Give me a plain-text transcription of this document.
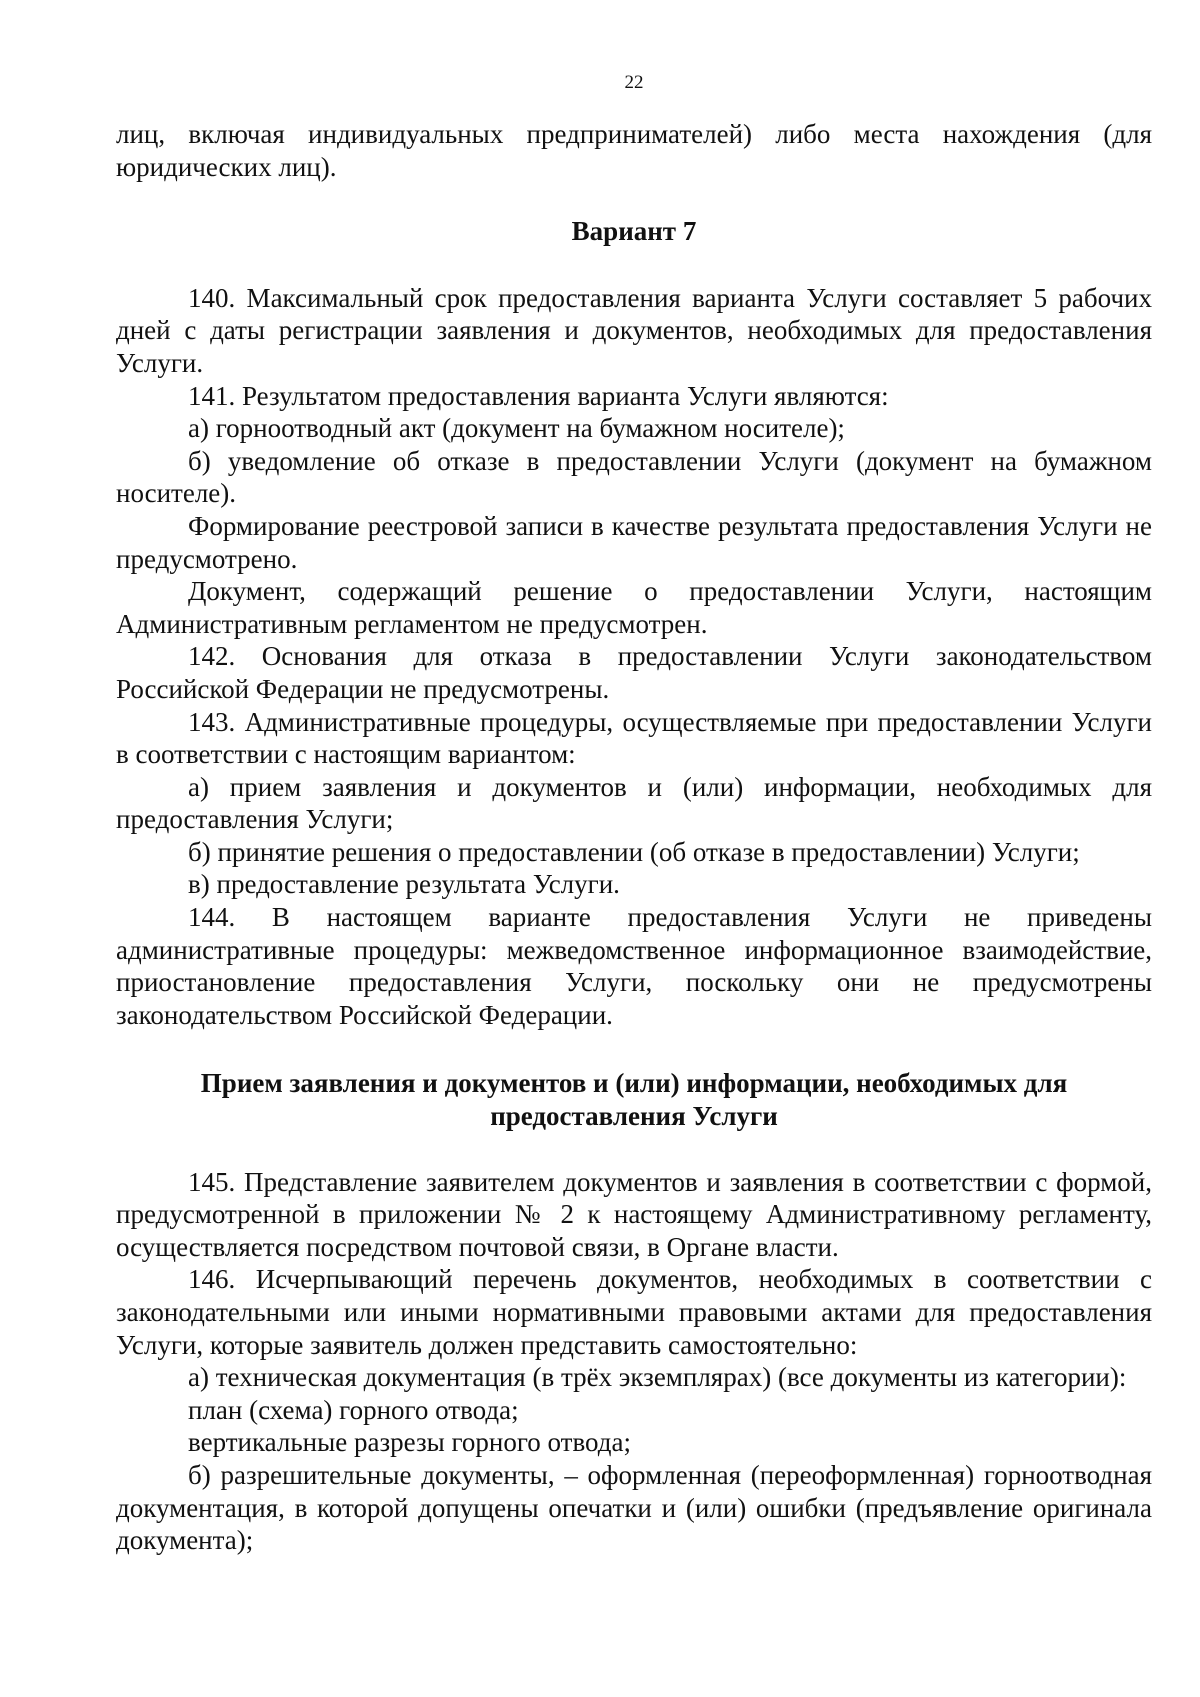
22

лиц, включая индивидуальных предпринимателей) либо места нахождения (для юридических лиц).

Вариант 7

140. Максимальный срок предоставления варианта Услуги составляет 5 рабочих дней с даты регистрации заявления и документов, необходимых для предоставления Услуги.

141. Результатом предоставления варианта Услуги являются:

а) горноотводный акт (документ на бумажном носителе);

б) уведомление об отказе в предоставлении Услуги (документ на бумажном носителе).

Формирование реестровой записи в качестве результата предоставления Услуги не предусмотрено.

Документ, содержащий решение о предоставлении Услуги, настоящим Административным регламентом не предусмотрен.

142. Основания для отказа в предоставлении Услуги законодательством Российской Федерации не предусмотрены.

143. Административные процедуры, осуществляемые при предоставлении Услуги в соответствии с настоящим вариантом:

а) прием заявления и документов и (или) информации, необходимых для предоставления Услуги;

б) принятие решения о предоставлении (об отказе в предоставлении) Услуги;

в) предоставление результата Услуги.

144. В настоящем варианте предоставления Услуги не приведены административные процедуры: межведомственное информационное взаимодействие, приостановление предоставления Услуги, поскольку они не предусмотрены законодательством Российской Федерации.

Прием заявления и документов и (или) информации, необходимых для предоставления Услуги

145. Представление заявителем документов и заявления в соответствии с формой, предусмотренной в приложении № 2 к настоящему Административному регламенту, осуществляется посредством почтовой связи, в Органе власти.

146. Исчерпывающий перечень документов, необходимых в соответствии с законодательными или иными нормативными правовыми актами для предоставления Услуги, которые заявитель должен представить самостоятельно:

а) техническая документация (в трёх экземплярах) (все документы из категории):

план (схема) горного отвода;

вертикальные разрезы горного отвода;

б) разрешительные документы, – оформленная (переоформленная) горноотводная документация, в которой допущены опечатки и (или) ошибки (предъявление оригинала документа);
